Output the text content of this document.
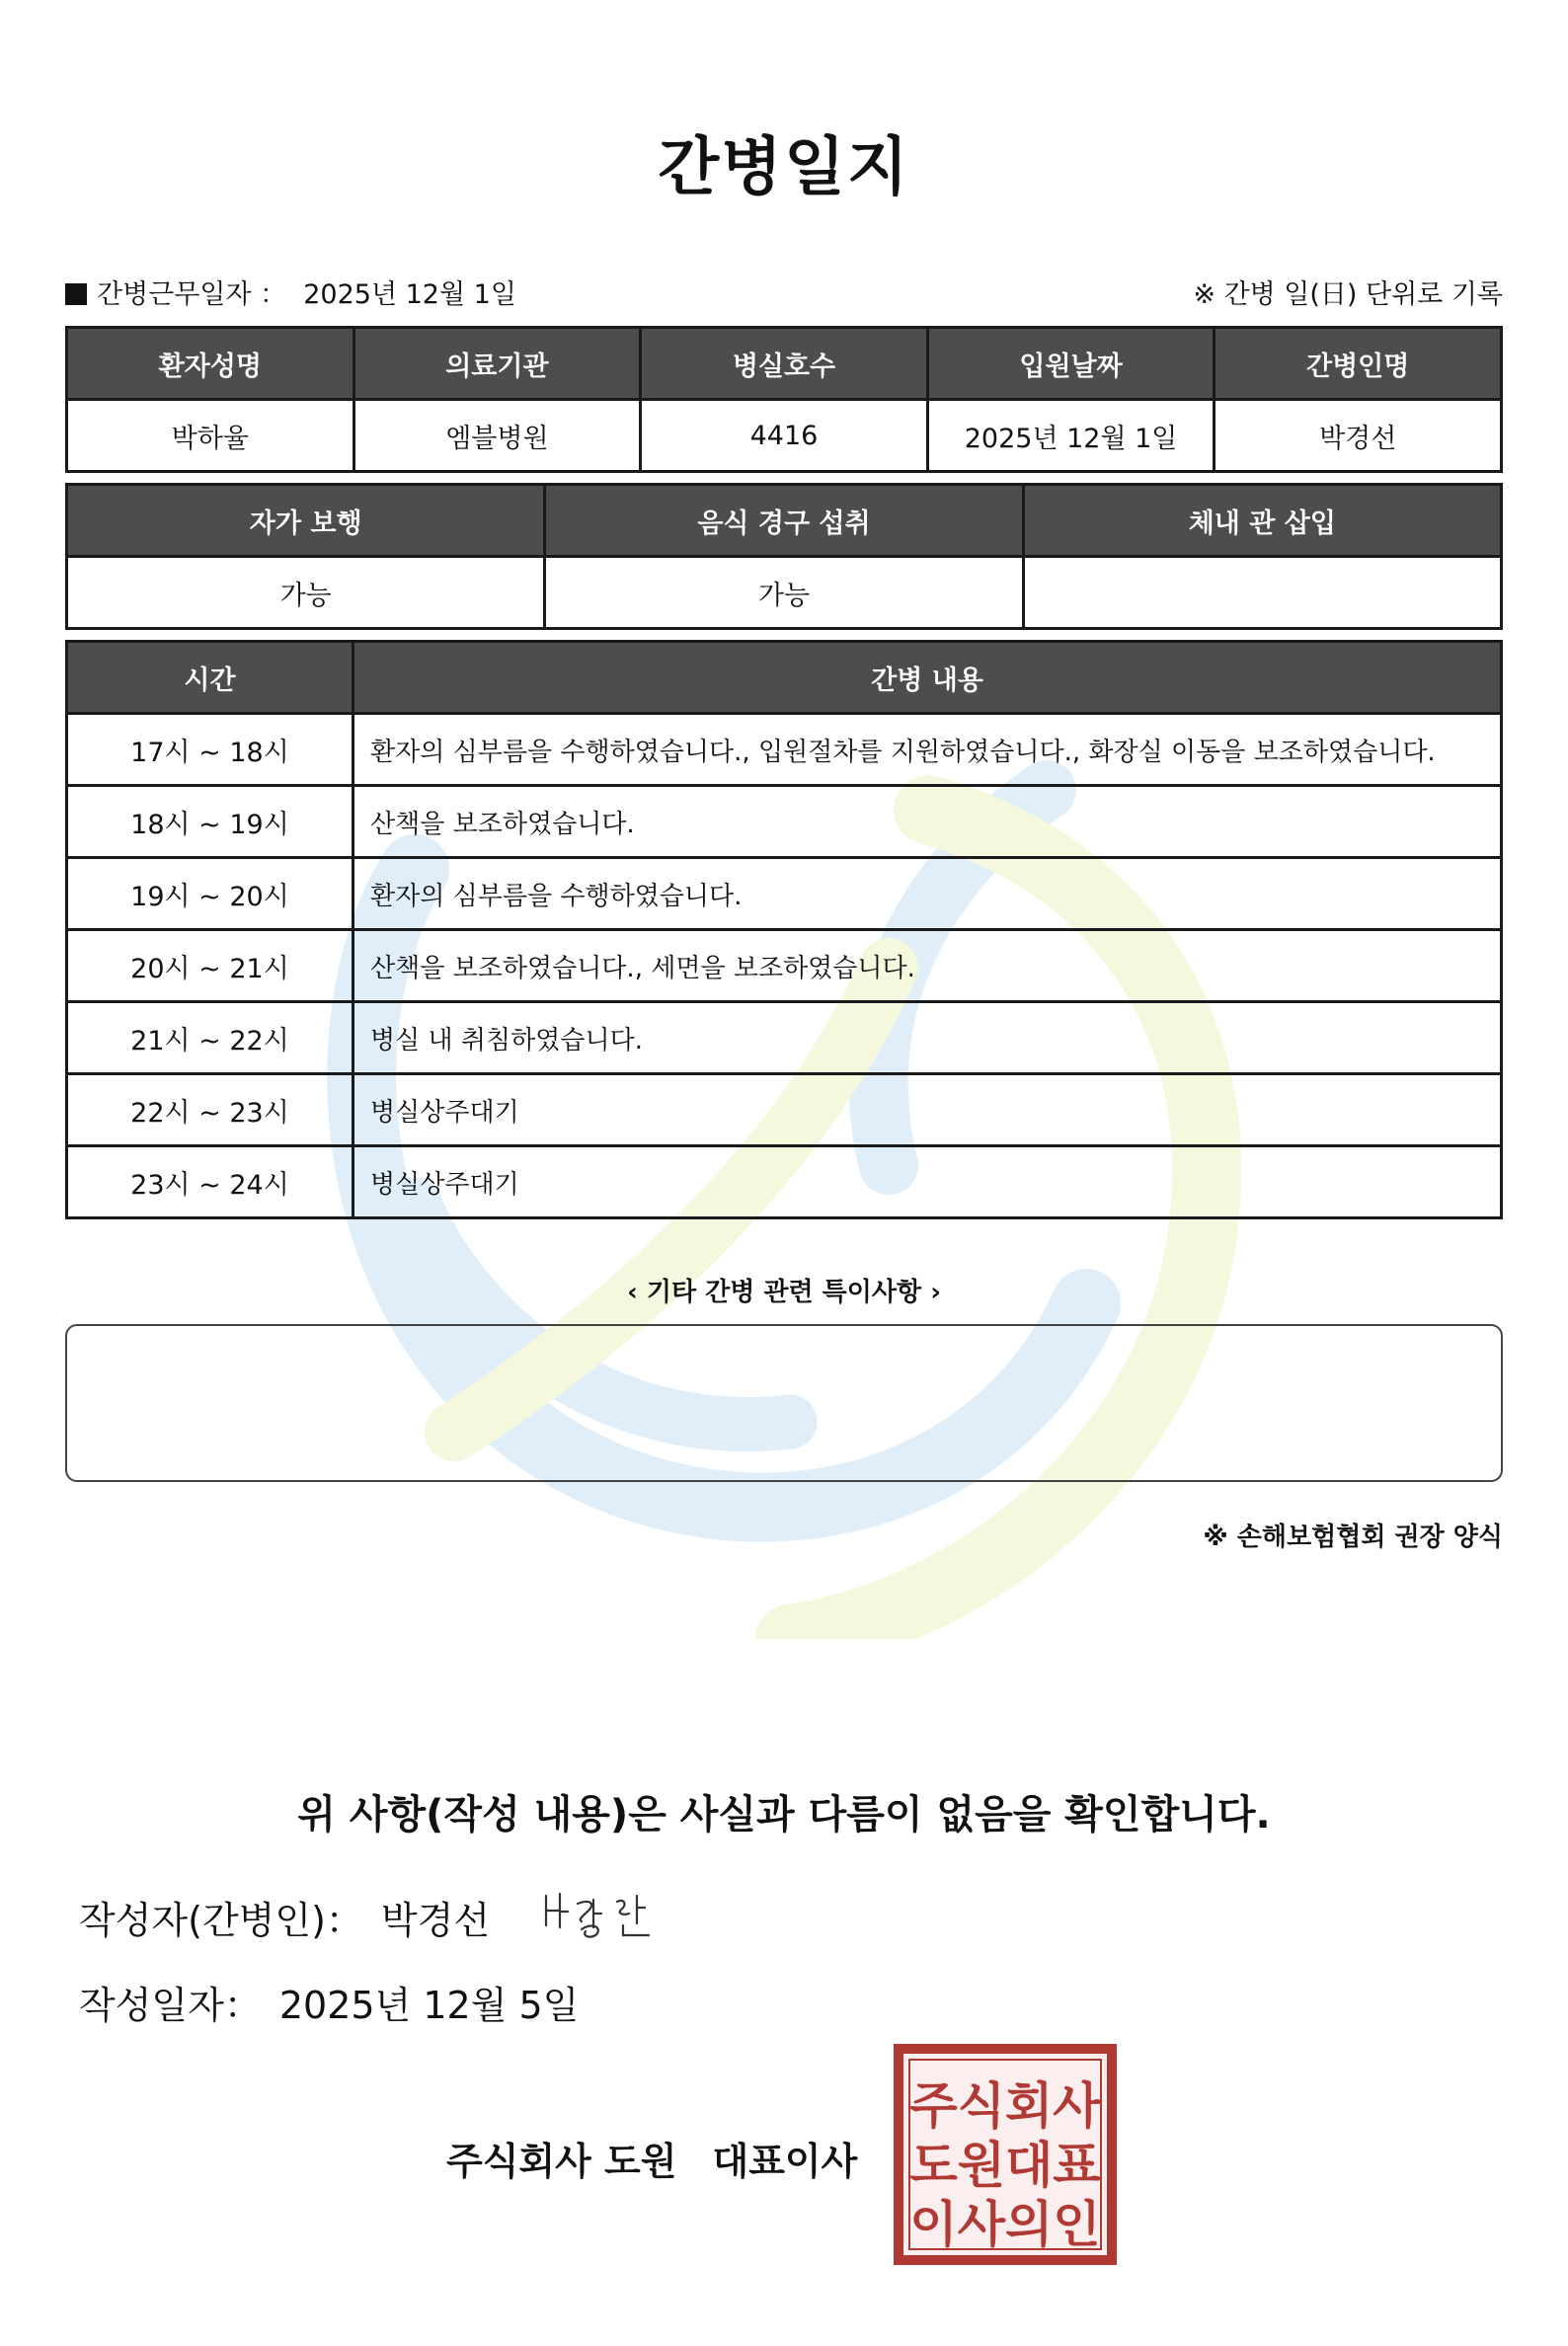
간병일지
간병근무일자 ： 2025년 12월 1일	※ 간병 일(日) 단위로 기록
환자성명	의료기관	병실호수	입원날짜	간병인명
박하율	엠블병원	4416	2025년 12월 1일	박경선
자가 보행	음식 경구 섭취	체내 관 삽입
가능	가능	
시간	간병 내용
17시 ~ 18시	환자의 심부름을 수행하였습니다., 입원절차를 지원하였습니다., 화장실 이동을 보조하였습니다.
18시 ~ 19시	산책을 보조하였습니다.
19시 ~ 20시	환자의 심부름을 수행하였습니다.
20시 ~ 21시	산책을 보조하였습니다., 세면을 보조하였습니다.
21시 ~ 22시	병실 내 취침하였습니다.
22시 ~ 23시	병실상주대기
23시 ~ 24시	병실상주대기
‹ 기타 간병 관련 특이사항 ›
※ 손해보험협회 권장 양식
위 사항(작성 내용)은 사실과 다름이 없음을 확인합니다.
작성자(간병인)： 박경선
작성일자： 2025년 12월 5일
주식회사 도원 대표이사
주식회사
도원대표
이사의인
